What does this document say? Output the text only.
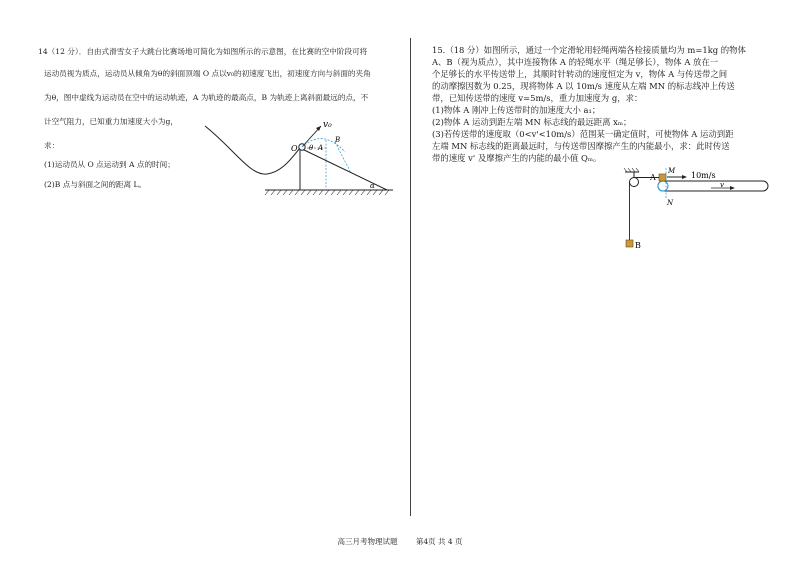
14（12 分）．自由式滑雪女子大跳台比赛场地可简化为如图所示的示意图，在比赛的空中阶段可将
运动员视为质点，运动员从倾角为θ的斜面顶端 O 点以v₀的初速度飞出，初速度方向与斜面的夹角
为θ，图中虚线为运动员在空中的运动轨迹，A 为轨迹的最高点，B 为轨迹上离斜面最远的点，不
计空气阻力，已知重力加速度大小为g，
求：
(1)运动员从 O 点运动到 A 点的时间；
(2)B 点与斜面之间的距离 L。
v₀
O θ A
B
α
15.（18 分）如图所示，通过一个定滑轮用轻绳两端各栓接质量均为 m=1kg 的物体
A、B（视为质点），其中连接物体 A 的轻绳水平（绳足够长），物体 A 放在一
个足够长的水平传送带上，其顺时针转动的速度恒定为 v，物体 A 与传送带之间
的动摩擦因数为 0.25，现将物体 A 以 10m/s 速度从左端 MN 的标志线冲上传送
带，已知传送带的速度 v=5m/s，重力加速度为 g，求：
(1)物体 A 刚冲上传送带时的加速度大小 a₁；
(2)物体 A 运动到距左端 MN 标志线的最远距离 xₘ；
(3)若传送带的速度取（0<v'<10m/s）范围某一确定值时，可使物体 A 运动到距
左端 MN 标志线的距离最远时，与传送带因摩擦产生的内能最小，求：此时传送
带的速度 v' 及摩擦产生的内能的最小值 Qₘ。
B
A
M
N
10m/s
v
高三月考物理试题 第4页 共 4 页
